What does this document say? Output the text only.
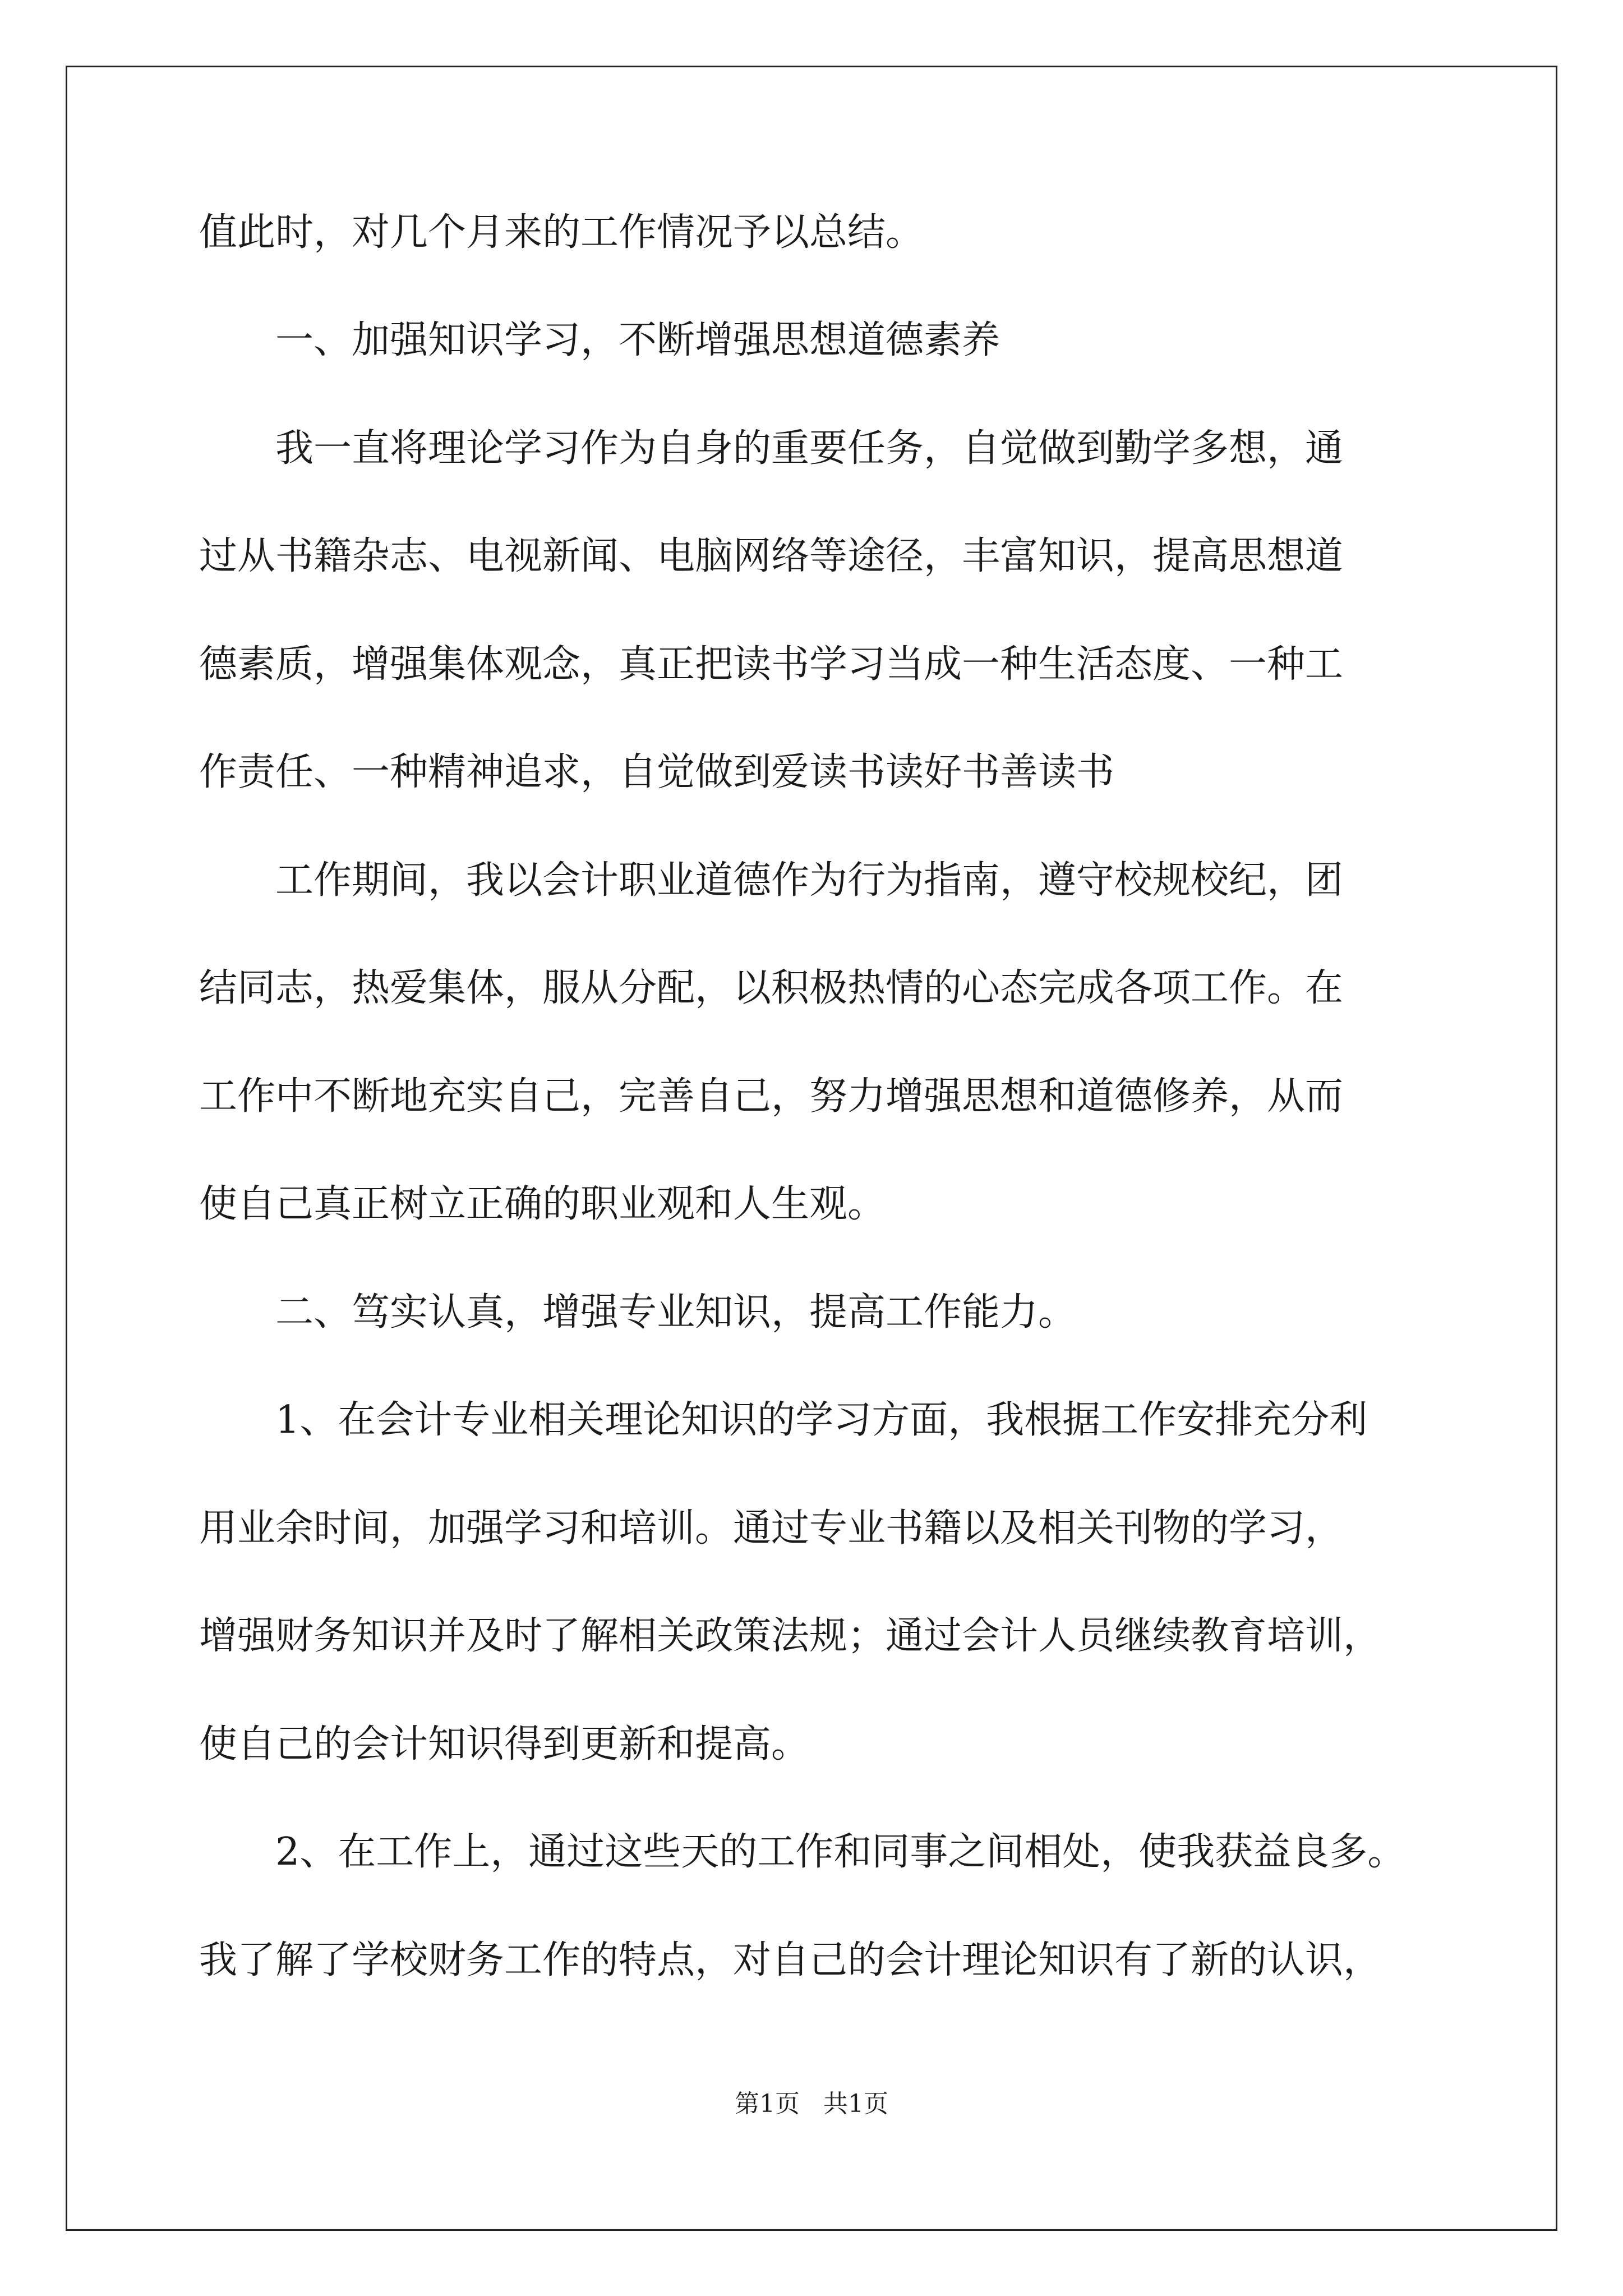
值此时，对几个月来的工作情况予以总结。
一、加强知识学习，不断增强思想道德素养
我一直将理论学习作为自身的重要任务，自觉做到勤学多想，通
过从书籍杂志、电视新闻、电脑网络等途径，丰富知识，提高思想道
德素质，增强集体观念，真正把读书学习当成一种生活态度、一种工
作责任、一种精神追求，自觉做到爱读书读好书善读书
工作期间，我以会计职业道德作为行为指南，遵守校规校纪，团
结同志，热爱集体，服从分配，以积极热情的心态完成各项工作。在
工作中不断地充实自己，完善自己，努力增强思想和道德修养，从而
使自己真正树立正确的职业观和人生观。
二、笃实认真，增强专业知识，提高工作能力。
1、在会计专业相关理论知识的学习方面，我根据工作安排充分利
用业余时间，加强学习和培训。通过专业书籍以及相关刊物的学习，
增强财务知识并及时了解相关政策法规；通过会计人员继续教育培训，
使自己的会计知识得到更新和提高。
2、在工作上，通过这些天的工作和同事之间相处，使我获益良多。
我了解了学校财务工作的特点，对自己的会计理论知识有了新的认识，
第1页   共1页
